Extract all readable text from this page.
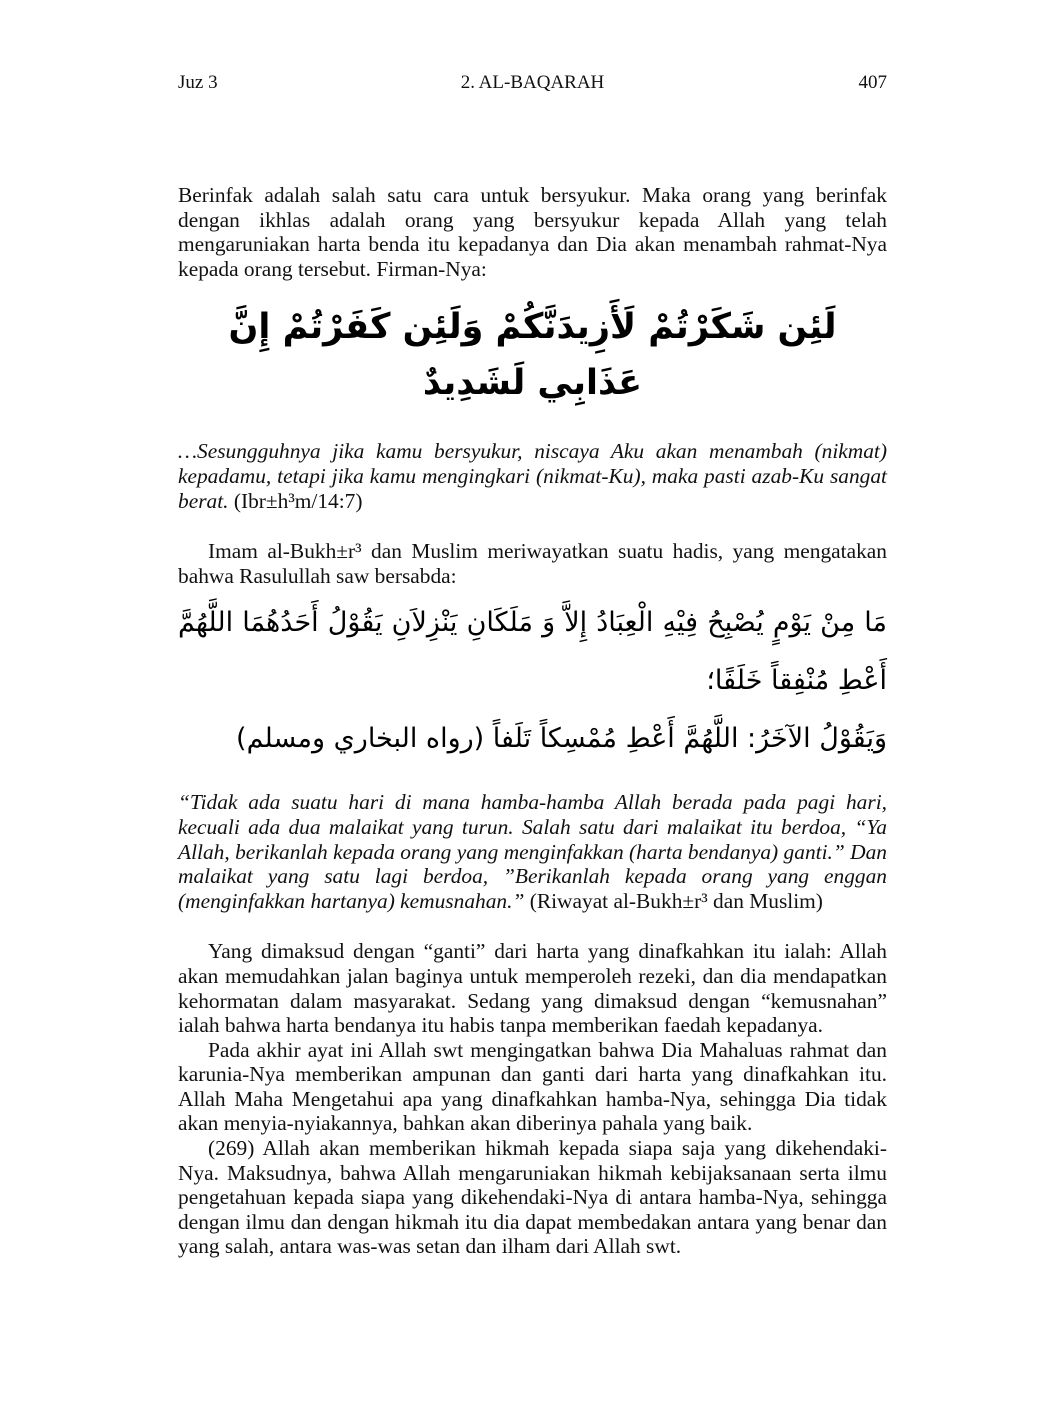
Juz 3	2. AL-BAQARAH	407

Berinfak adalah salah satu cara untuk bersyukur. Maka orang yang berinfak dengan ikhlas adalah orang yang bersyukur kepada Allah yang telah mengaruniakan harta benda itu kepadanya dan Dia akan menambah rahmat-Nya kepada orang tersebut. Firman-Nya:

لَئِن شَكَرْتُمْ لَأَزِيدَنَّكُمْ وَلَئِن كَفَرْتُمْ إِنَّ عَذَابِي لَشَدِيدٌ

…Sesungguhnya jika kamu bersyukur, niscaya Aku akan menambah (nikmat) kepadamu, tetapi jika kamu mengingkari (nikmat-Ku), maka pasti azab-Ku sangat berat. (Ibr±h³m/14:7)

Imam al-Bukh±r³ dan Muslim meriwayatkan suatu hadis, yang mengatakan bahwa Rasulullah saw bersabda:

مَا مِنْ يَوْمٍ يُصْبِحُ فِيْهِ الْعِبَادُ إِلاَّ وَ مَلَكَانِ يَنْزِلاَنِ يَقُوْلُ أَحَدُهُمَا اللَّهُمَّ أَعْطِ مُنْفِقاً خَلَفًا؛
وَيَقُوْلُ الآخَرُ: اللَّهُمَّ أَعْطِ مُمْسِكاً تَلَفاً (رواه البخاري ومسلم)

“Tidak ada suatu hari di mana hamba-hamba Allah berada pada pagi hari, kecuali ada dua malaikat yang turun. Salah satu dari malaikat itu berdoa, “Ya Allah, berikanlah kepada orang yang menginfakkan (harta bendanya) ganti.” Dan malaikat yang satu lagi berdoa, ”Berikanlah kepada orang yang enggan (menginfakkan hartanya) kemusnahan.” (Riwayat al-Bukh±r³ dan Muslim)

Yang dimaksud dengan “ganti” dari harta yang dinafkahkan itu ialah: Allah akan memudahkan jalan baginya untuk memperoleh rezeki, dan dia mendapatkan kehormatan dalam masyarakat. Sedang yang dimaksud dengan “kemusnahan” ialah bahwa harta bendanya itu habis tanpa memberikan faedah kepadanya.

Pada akhir ayat ini Allah swt mengingatkan bahwa Dia Mahaluas rahmat dan karunia-Nya memberikan ampunan dan ganti dari harta yang dinafkahkan itu. Allah Maha Mengetahui apa yang dinafkahkan hamba-Nya, sehingga Dia tidak akan menyia-nyiakannya, bahkan akan diberinya pahala yang baik.

(269) Allah akan memberikan hikmah kepada siapa saja yang dikehendaki-Nya. Maksudnya, bahwa Allah mengaruniakan hikmah kebijaksanaan serta ilmu pengetahuan kepada siapa yang dikehendaki-Nya di antara hamba-Nya, sehingga dengan ilmu dan dengan hikmah itu dia dapat membedakan antara yang benar dan yang salah, antara was-was setan dan ilham dari Allah swt.
